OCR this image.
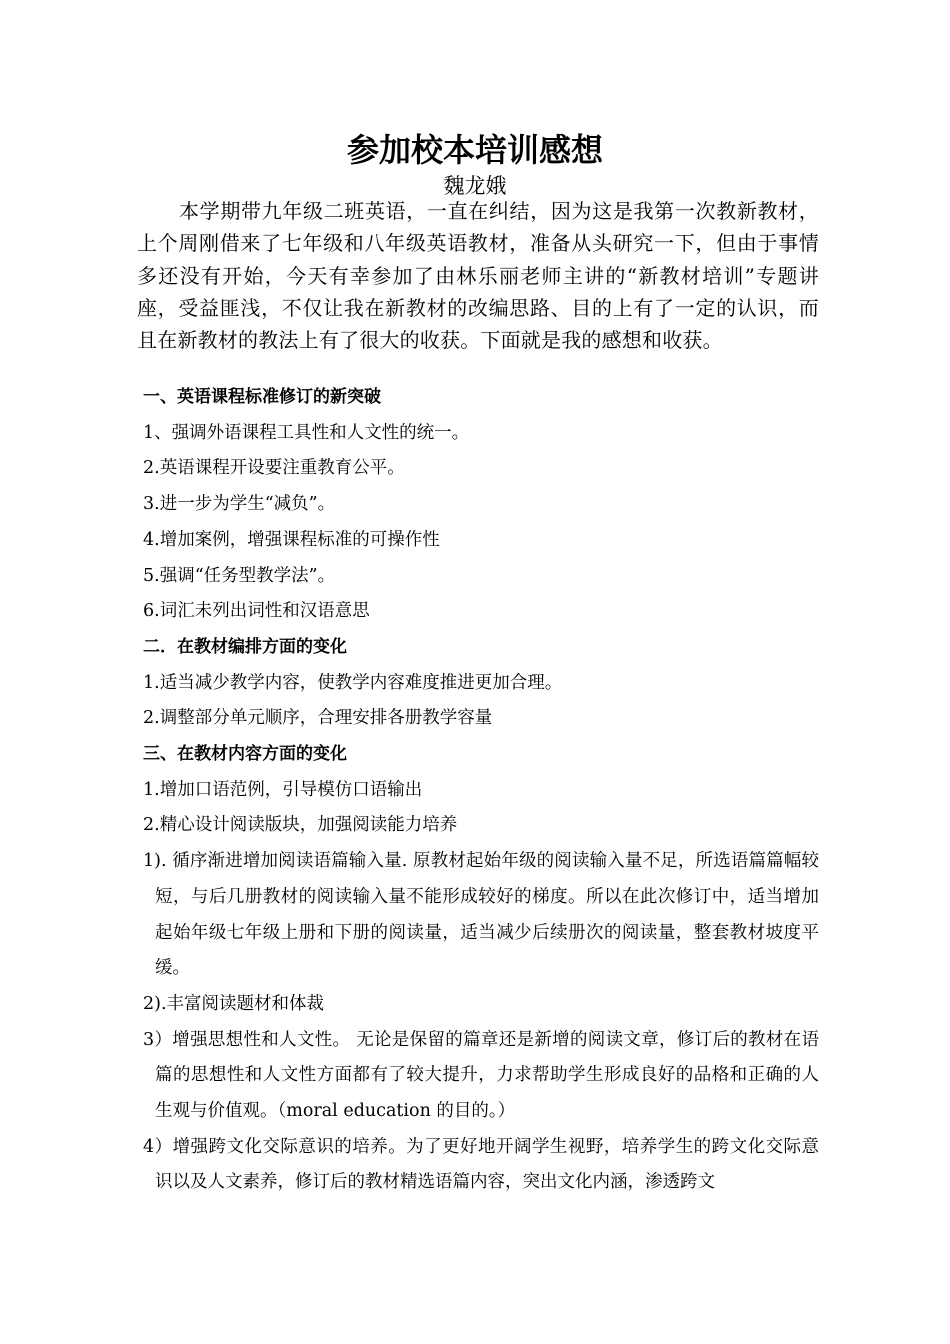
参加校本培训感想
魏龙娥

本学期带九年级二班英语，一直在纠结，因为这是我第一次教新教材，上个周刚借来了七年级和八年级英语教材，准备从头研究一下，但由于事情多还没有开始，今天有幸参加了由林乐丽老师主讲的“新教材培训”专题讲座，受益匪浅，不仅让我在新教材的改编思路、目的上有了一定的认识，而且在新教材的教法上有了很大的收获。下面就是我的感想和收获。

一、英语课程标准修订的新突破

1、强调外语课程工具性和人文性的统一。

2.英语课程开设要注重教育公平。

3.进一步为学生“减负”。

4.增加案例，增强课程标准的可操作性

5.强调“任务型教学法”。

6.词汇未列出词性和汉语意思

二．在教材编排方面的变化

1.适当减少教学内容，使教学内容难度推进更加合理。

2.调整部分单元顺序，合理安排各册教学容量

三、在教材内容方面的变化

1.增加口语范例，引导模仿口语输出

2.精心设计阅读版块，加强阅读能力培养

1). 循序渐进增加阅读语篇输入量. 原教材起始年级的阅读输入量不足，所选语篇篇幅较短，与后几册教材的阅读输入量不能形成较好的梯度。所以在此次修订中，适当增加起始年级七年级上册和下册的阅读量，适当减少后续册次的阅读量，整套教材坡度平缓。

2).丰富阅读题材和体裁

3）增强思想性和人文性。 无论是保留的篇章还是新增的阅读文章，修订后的教材在语篇的思想性和人文性方面都有了较大提升，力求帮助学生形成良好的品格和正确的人生观与价值观。（moral education 的目的。）

4）增强跨文化交际意识的培养。为了更好地开阔学生视野，培养学生的跨文化交际意识以及人文素养，修订后的教材精选语篇内容，突出文化内涵，渗透跨文
